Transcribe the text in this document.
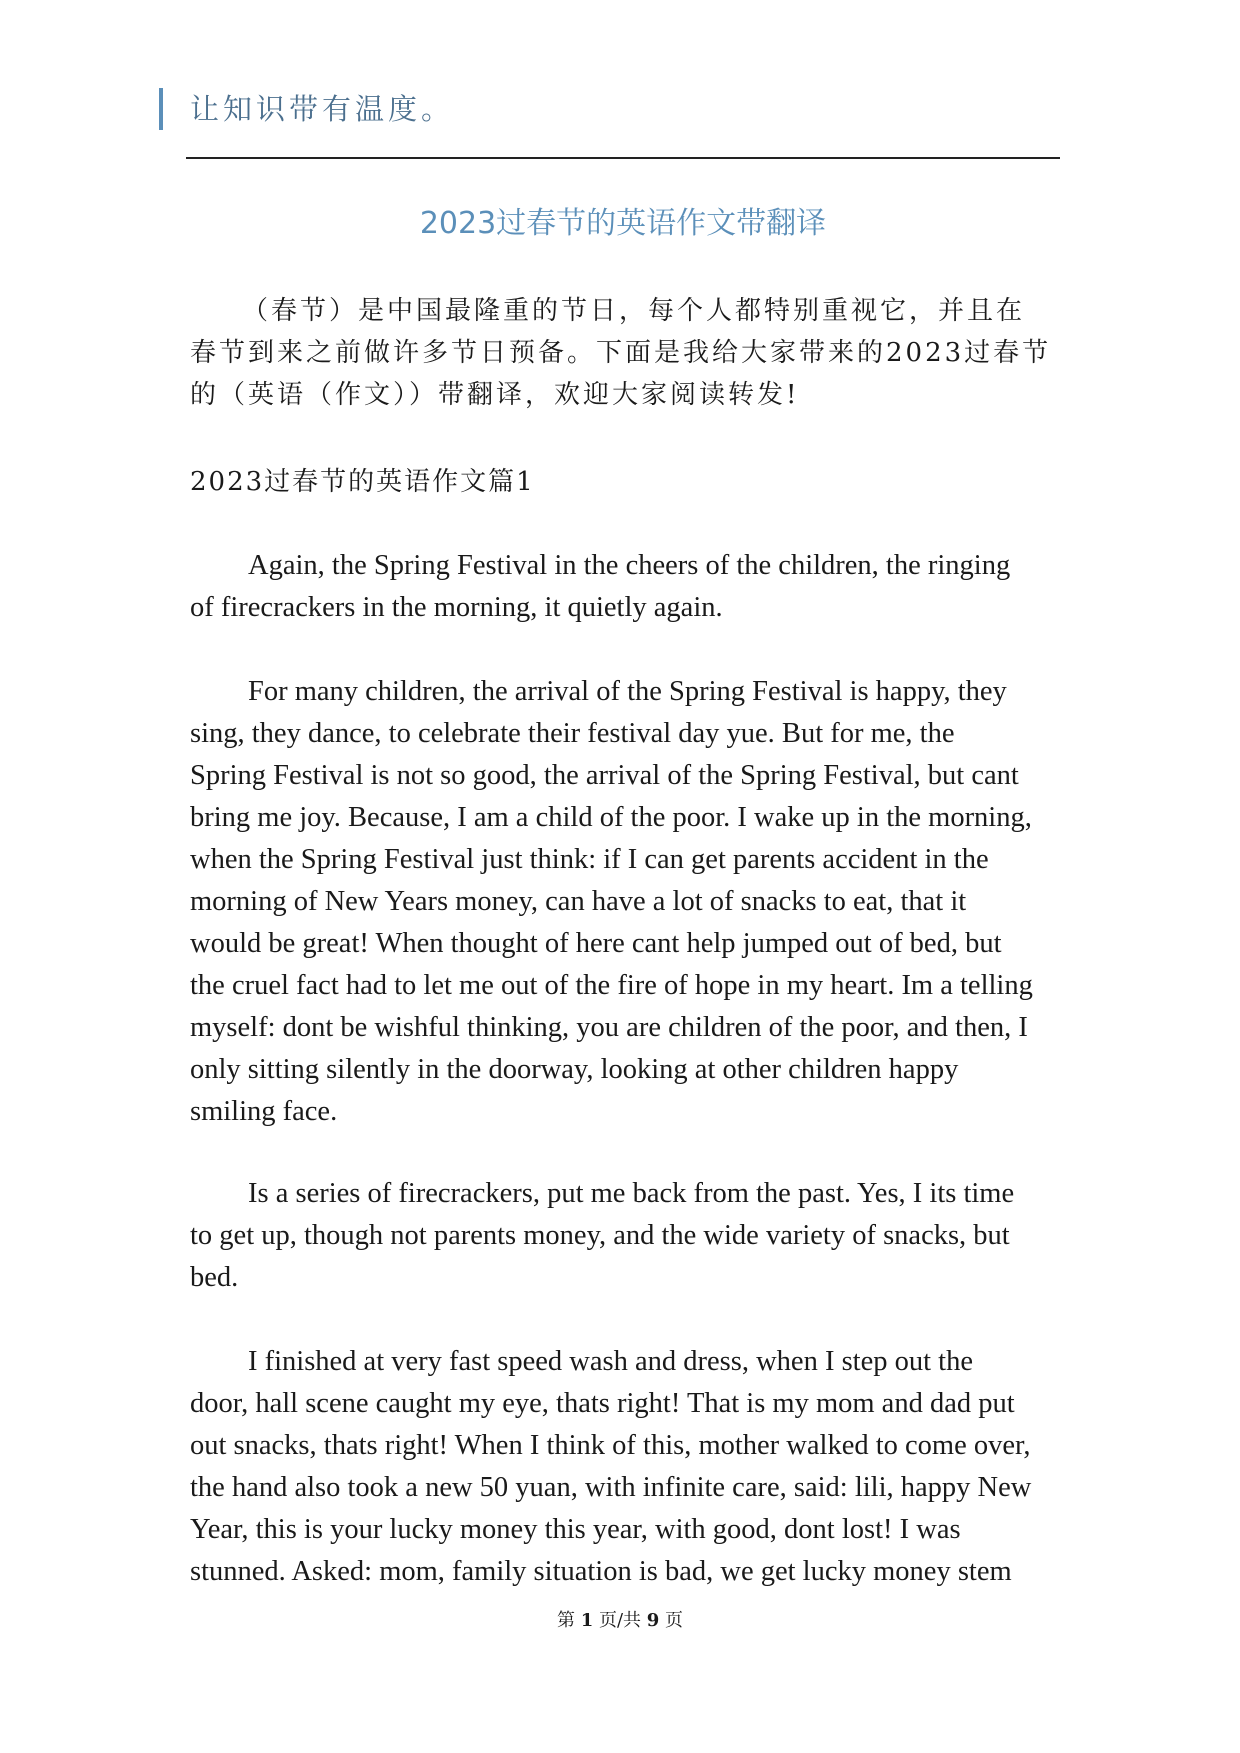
让知识带有温度。
2023过春节的英语作文带翻译
（春节）是中国最隆重的节日，每个人都特别重视它，并且在
春节到来之前做许多节日预备。下面是我给大家带来的2023过春节
的（英语（作文））带翻译，欢迎大家阅读转发!
2023过春节的英语作文篇1
Again, the Spring Festival in the cheers of the children, the ringing
of firecrackers in the morning, it quietly again.
For many children, the arrival of the Spring Festival is happy, they
sing, they dance, to celebrate their festival day yue. But for me, the
Spring Festival is not so good, the arrival of the Spring Festival, but cant
bring me joy. Because, I am a child of the poor. I wake up in the morning,
when the Spring Festival just think: if I can get parents accident in the
morning of New Years money, can have a lot of snacks to eat, that it
would be great! When thought of here cant help jumped out of bed, but
the cruel fact had to let me out of the fire of hope in my heart. Im a telling
myself: dont be wishful thinking, you are children of the poor, and then, I
only sitting silently in the doorway, looking at other children happy
smiling face.
Is a series of firecrackers, put me back from the past. Yes, I its time
to get up, though not parents money, and the wide variety of snacks, but
bed.
I finished at very fast speed wash and dress, when I step out the
door, hall scene caught my eye, thats right! That is my mom and dad put
out snacks, thats right! When I think of this, mother walked to come over,
the hand also took a new 50 yuan, with infinite care, said: lili, happy New
Year, this is your lucky money this year, with good, dont lost! I was
stunned. Asked: mom, family situation is bad, we get lucky money stem
第 1 页/共 9 页
